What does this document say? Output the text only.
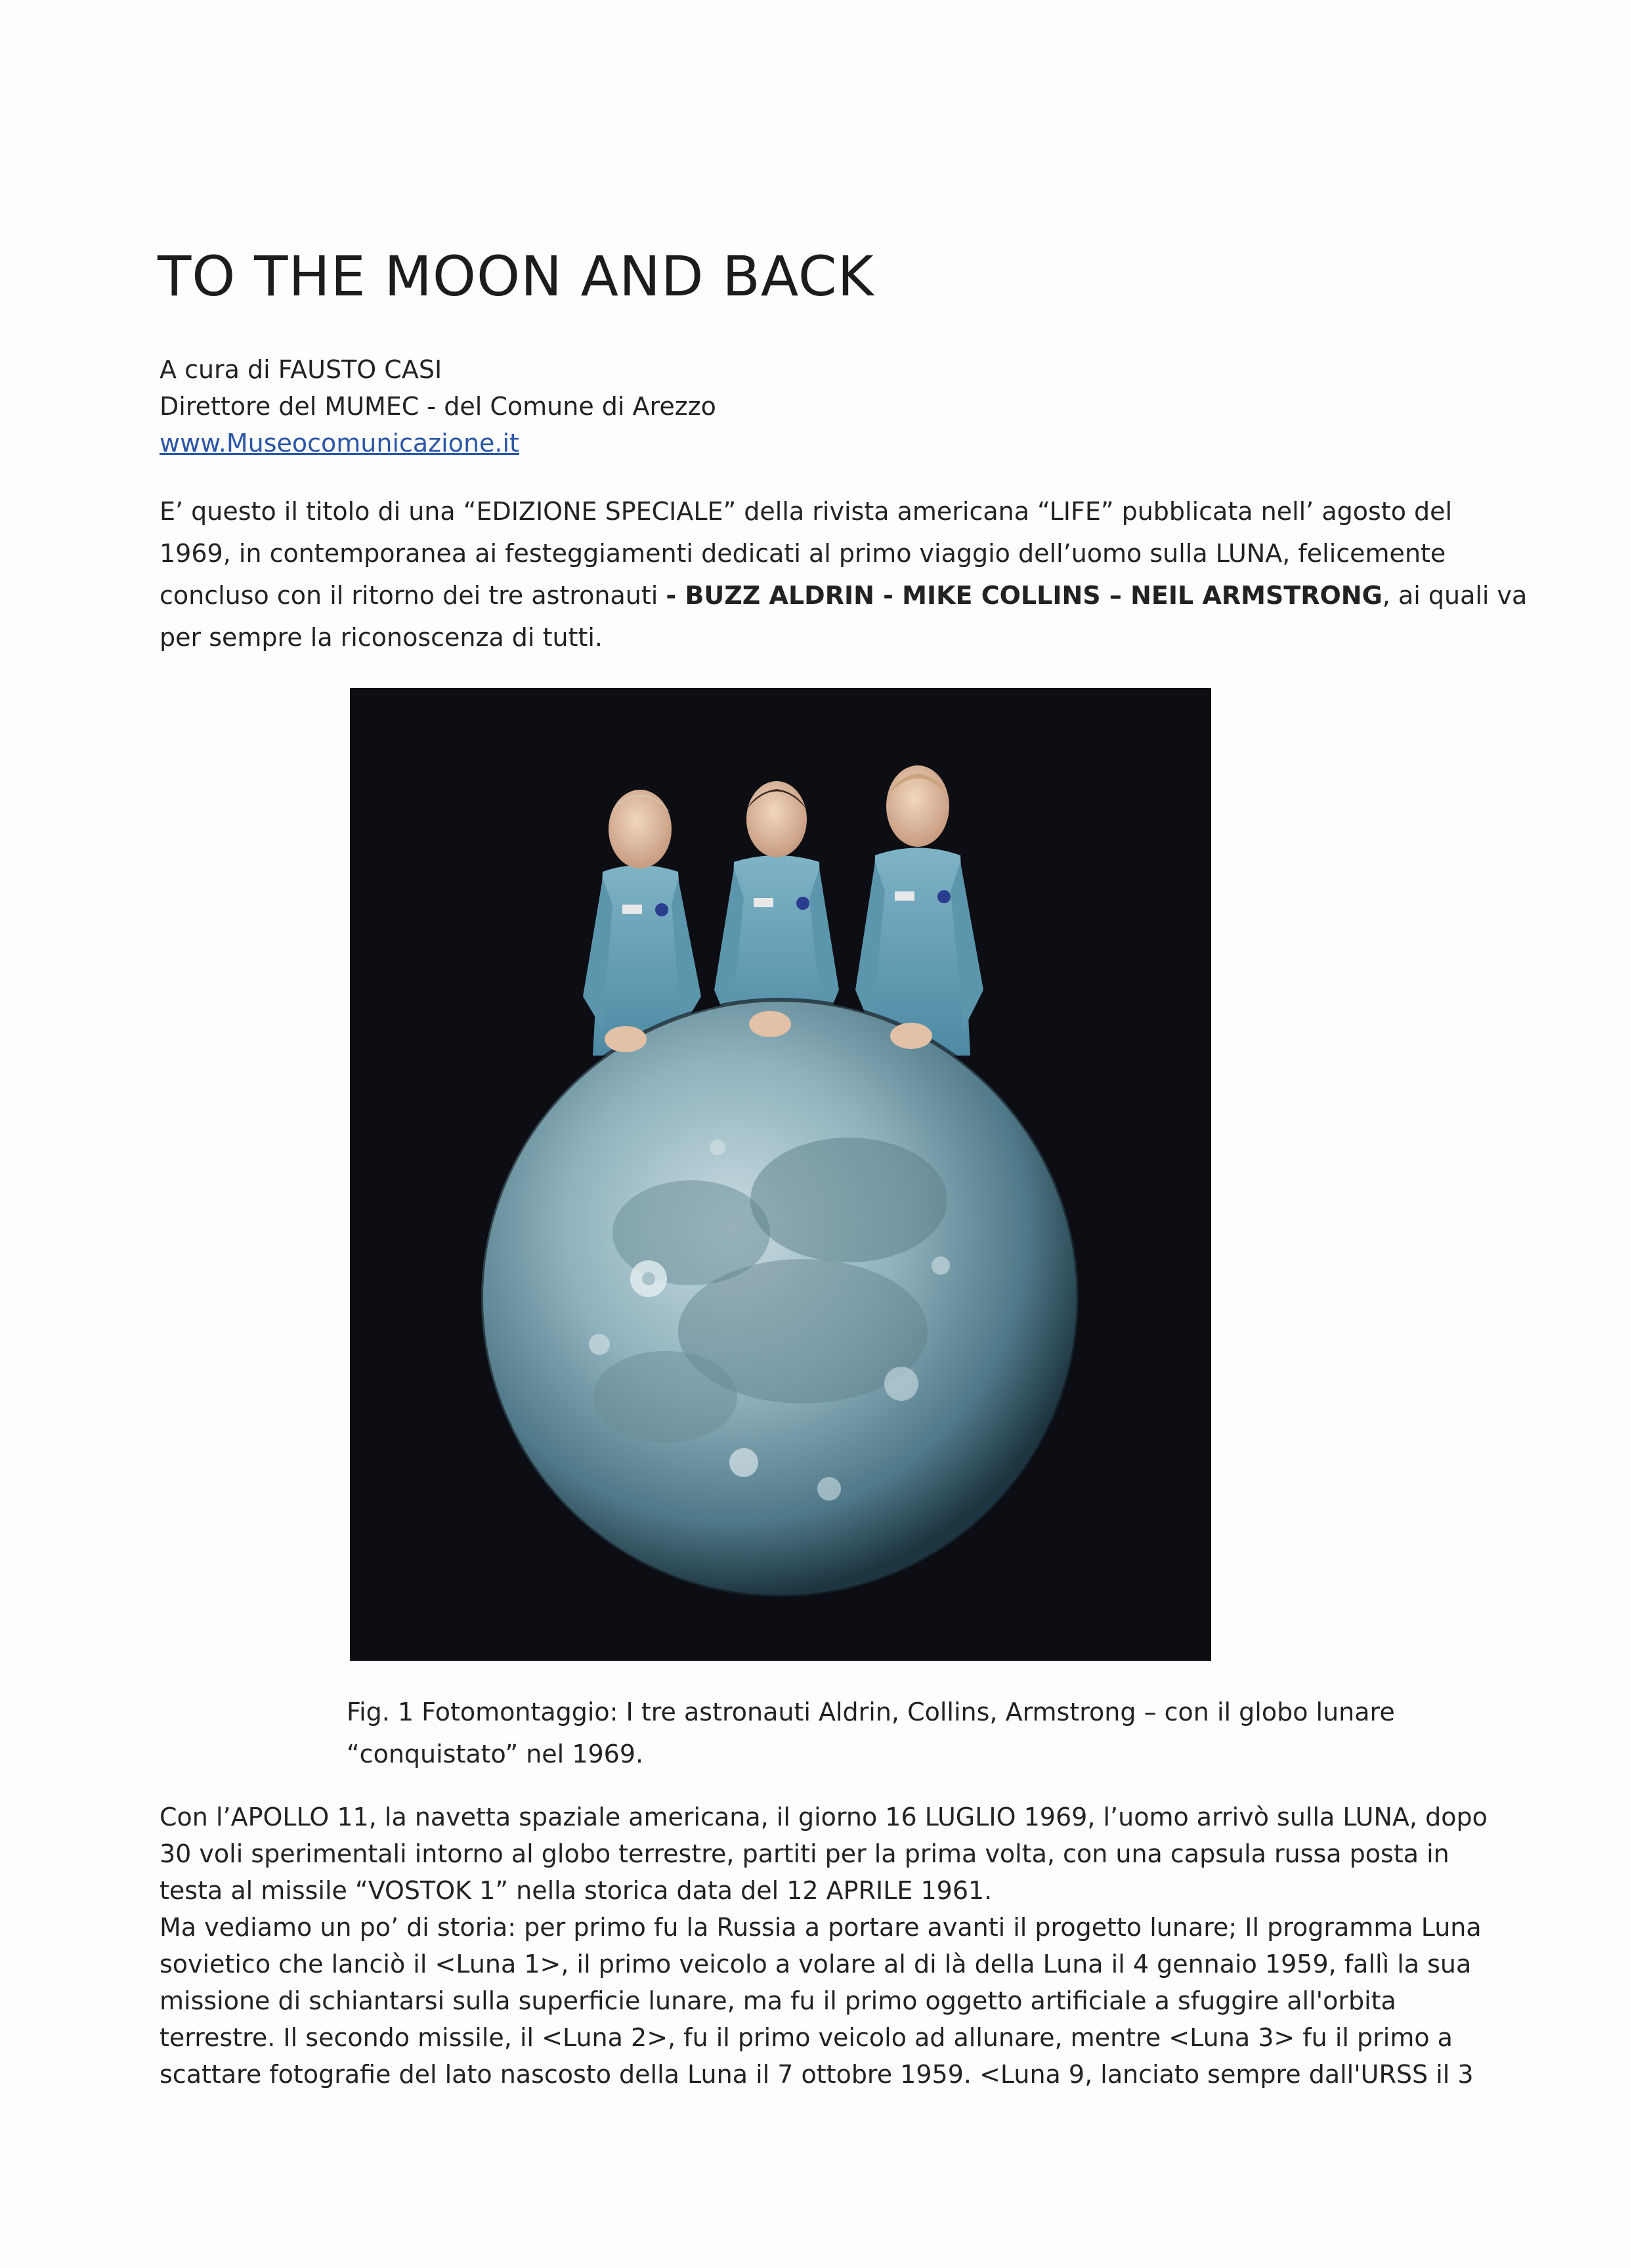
TO THE MOON AND BACK
A cura di FAUSTO CASI
Direttore del MUMEC - del Comune di Arezzo
www.Museocomunicazione.it
E’ questo il titolo di una “EDIZIONE SPECIALE” della rivista americana “LIFE” pubblicata nell’ agosto del
1969, in contemporanea ai festeggiamenti dedicati al primo viaggio dell’uomo sulla LUNA, felicemente
concluso con il ritorno dei tre astronauti - BUZZ ALDRIN - MIKE COLLINS – NEIL ARMSTRONG, ai quali va
per sempre la riconoscenza di tutti.
Fig. 1 Fotomontaggio: I tre astronauti Aldrin, Collins, Armstrong – con il globo lunare
“conquistato” nel 1969.
Con l’APOLLO 11, la navetta spaziale americana, il giorno 16 LUGLIO 1969, l’uomo arrivò sulla LUNA, dopo
30 voli sperimentali intorno al globo terrestre, partiti per la prima volta, con una capsula russa posta in
testa al missile “VOSTOK 1” nella storica data del 12 APRILE 1961.
Ma vediamo un po’ di storia: per primo fu la Russia a portare avanti il progetto lunare; Il programma Luna
sovietico che lanciò il <Luna 1>, il primo veicolo a volare al di là della Luna il 4 gennaio 1959, fallì la sua
missione di schiantarsi sulla superficie lunare, ma fu il primo oggetto artificiale a sfuggire all'orbita
terrestre. Il secondo missile, il <Luna 2>, fu il primo veicolo ad allunare, mentre <Luna 3> fu il primo a
scattare fotografie del lato nascosto della Luna il 7 ottobre 1959. <Luna 9, lanciato sempre dall'URSS il 3
